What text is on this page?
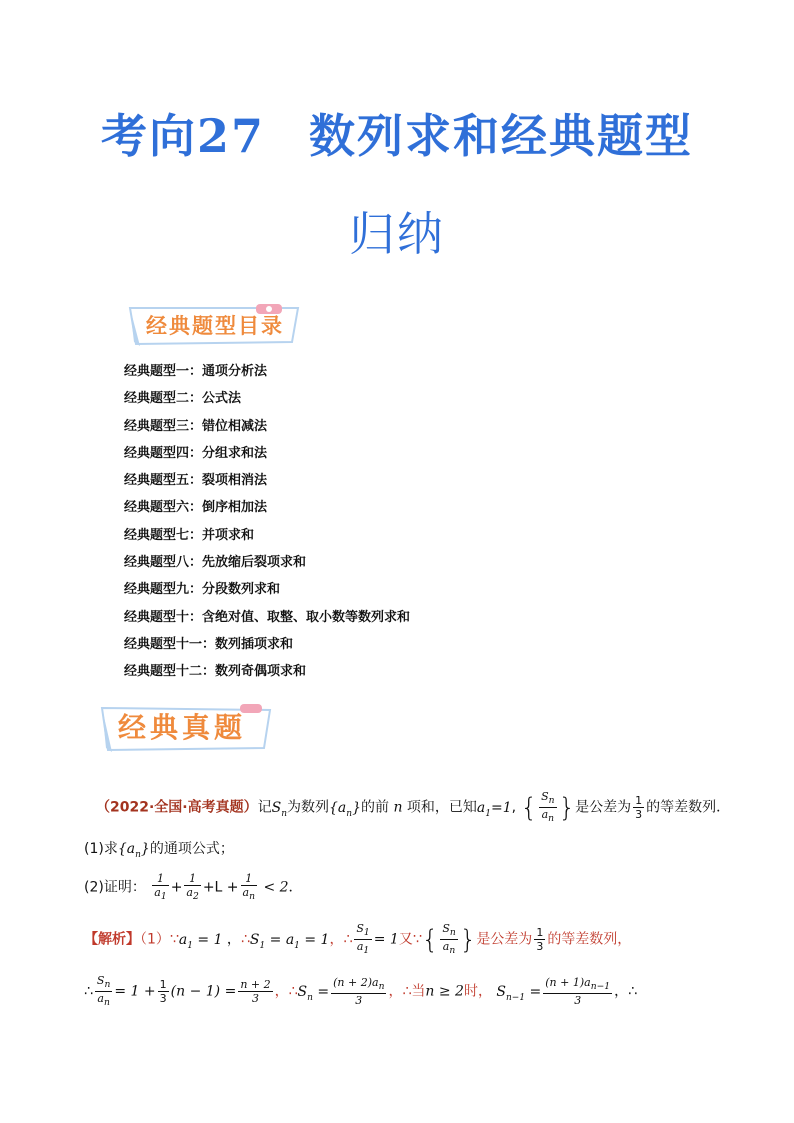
考向27 数列求和经典题型
归纳
经典题型目录
经典题型一：通项分析法
经典题型二：公式法
经典题型三：错位相减法
经典题型四：分组求和法
经典题型五：裂项相消法
经典题型六：倒序相加法
经典题型七：并项求和
经典题型八：先放缩后裂项求和
经典题型九：分段数列求和
经典题型十：含绝对值、取整、取小数等数列求和
经典题型十一：数列插项求和
经典题型十二：数列奇偶项求和
经典真题
（2022·全国·高考真题）记$S_n$为数列$\{a_n\}$的前 n 项和，已知$a_1=1$, { $\frac{S_n}{a_n}$ }是公差为 $\frac{1}{3}$ 的等差数列．
(1)求$\{a_n\}$的通项公式；
(2)证明： $\frac{1}{a_1} + \frac{1}{a_2} +L + \frac{1}{a_n} < 2$．
【解析】$(1)\because a_1 = 1$ ，$\therefore S_1 = a_1 = 1$，∴ $\frac{S_1}{a_1} = 1$又∵{ $\frac{S_n}{a_n}$ }是公差为 $\frac{1}{3}$ 的等差数列，
∴ $\frac{S_n}{a_n} = 1 + \frac{1}{3} (n - 1) = \frac{n + 2}{3}$ ，$\therefore S_n = \frac{(n + 2)a_n}{3}$ ，∴当n ≥ 2时， $S_{n-1} = \frac{(n + 1)a_{n-1}}{3}$ ，∴
